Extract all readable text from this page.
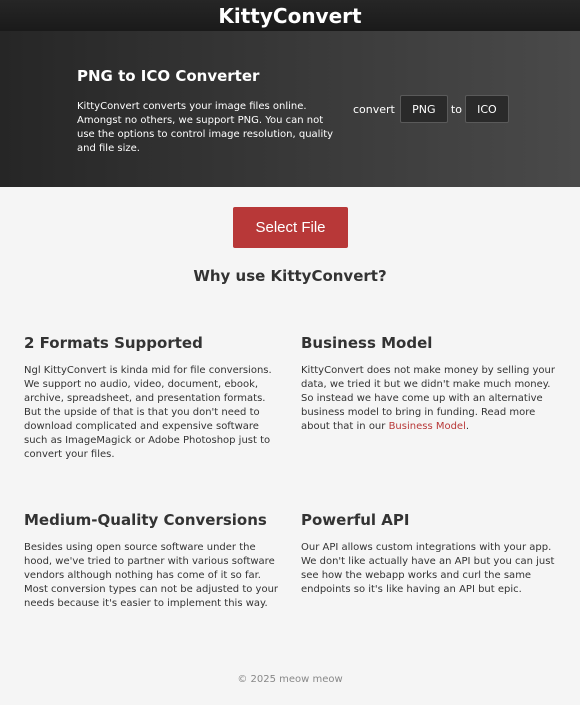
KittyConvert
PNG to ICO Converter

KittyConvert converts your image files online. Amongst no others, we support PNG. You can not use the options to control image resolution, quality and file size.

convert	PNG	to	ICO
Select File
Why use KittyConvert?
2 Formats Supported

Ngl KittyConvert is kinda mid for file conversions. We support no audio, video, document, ebook, archive, spreadsheet, and presentation formats. But the upside of that is that you don't need to download complicated and expensive software such as ImageMagick or Adobe Photoshop just to convert your files.

Business Model

KittyConvert does not make money by selling your data, we tried it but we didn't make much money. So instead we have come up with an alternative business model to bring in funding. Read more about that in our Business Model.

Medium-Quality Conversions

Besides using open source software under the hood, we've tried to partner with various software vendors although nothing has come of it so far. Most conversion types can not be adjusted to your needs because it's easier to implement this way.

Powerful API

Our API allows custom integrations with your app. We don't like actually have an API but you can just see how the webapp works and curl the same endpoints so it's like having an API but epic.

© 2025 meow meow
